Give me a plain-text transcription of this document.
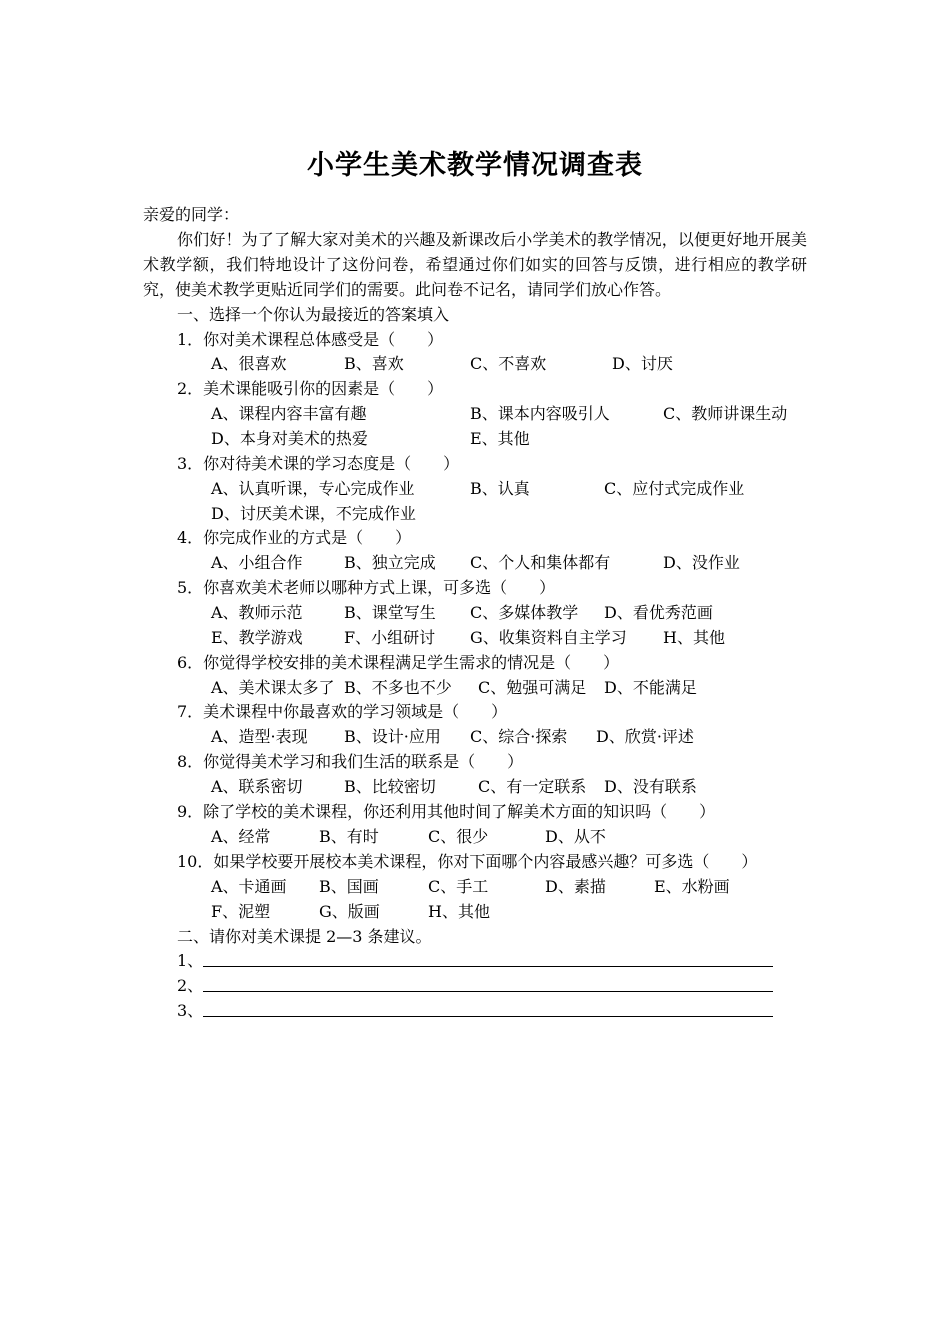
小学生美术教学情况调查表
亲爱的同学：
你们好！为了了解大家对美术的兴趣及新课改后小学美术的教学情况，以便更好地开展美术教学额，我们特地设计了这份问卷，希望通过你们如实的回答与反馈，进行相应的教学研究，使美术教学更贴近同学们的需要。此问卷不记名，请同学们放心作答。
一、选择一个你认为最接近的答案填入
1．你对美术课程总体感受是（　　）
A、很喜欢	B、喜欢	C、不喜欢	D、讨厌
2．美术课能吸引你的因素是（　　）
A、课程内容丰富有趣	B、课本内容吸引人	C、教师讲课生动
D、本身对美术的热爱	E、其他
3．你对待美术课的学习态度是（　　）
A、认真听课，专心完成作业	B、认真	C、应付式完成作业
D、讨厌美术课，不完成作业
4．你完成作业的方式是（　　）
A、小组合作	B、独立完成 C、个人和集体都有	D、没作业
5．你喜欢美术老师以哪种方式上课，可多选（　　）
A、教师示范	B、课堂写生 C、多媒体教学 D、看优秀范画
E、教学游戏	F、小组研讨 G、收集资料自主学习 H、其他
6．你觉得学校安排的美术课程满足学生需求的情况是（　　）
A、美术课太多了 B、不多也不少 C、勉强可满足 D、不能满足
7．美术课程中你最喜欢的学习领域是（　　）
A、造型·表现 B、设计·应用 C、综合·探索 D、欣赏·评述
8．你觉得美术学习和我们生活的联系是（　　）
A、联系密切	B、比较密切	C、有一定联系 D、没有联系
9．除了学校的美术课程，你还利用其他时间了解美术方面的知识吗（　　）
A、经常	B、有时	C、很少	D、从不
10．如果学校要开展校本美术课程，你对下面哪个内容最感兴趣？可多选（　　）
A、卡通画 B、国画	C、手工	D、素描	E、水粉画
F、泥塑	G、版画	H、其他
二、请你对美术课提 2—3 条建议。
1、
2、
3、
